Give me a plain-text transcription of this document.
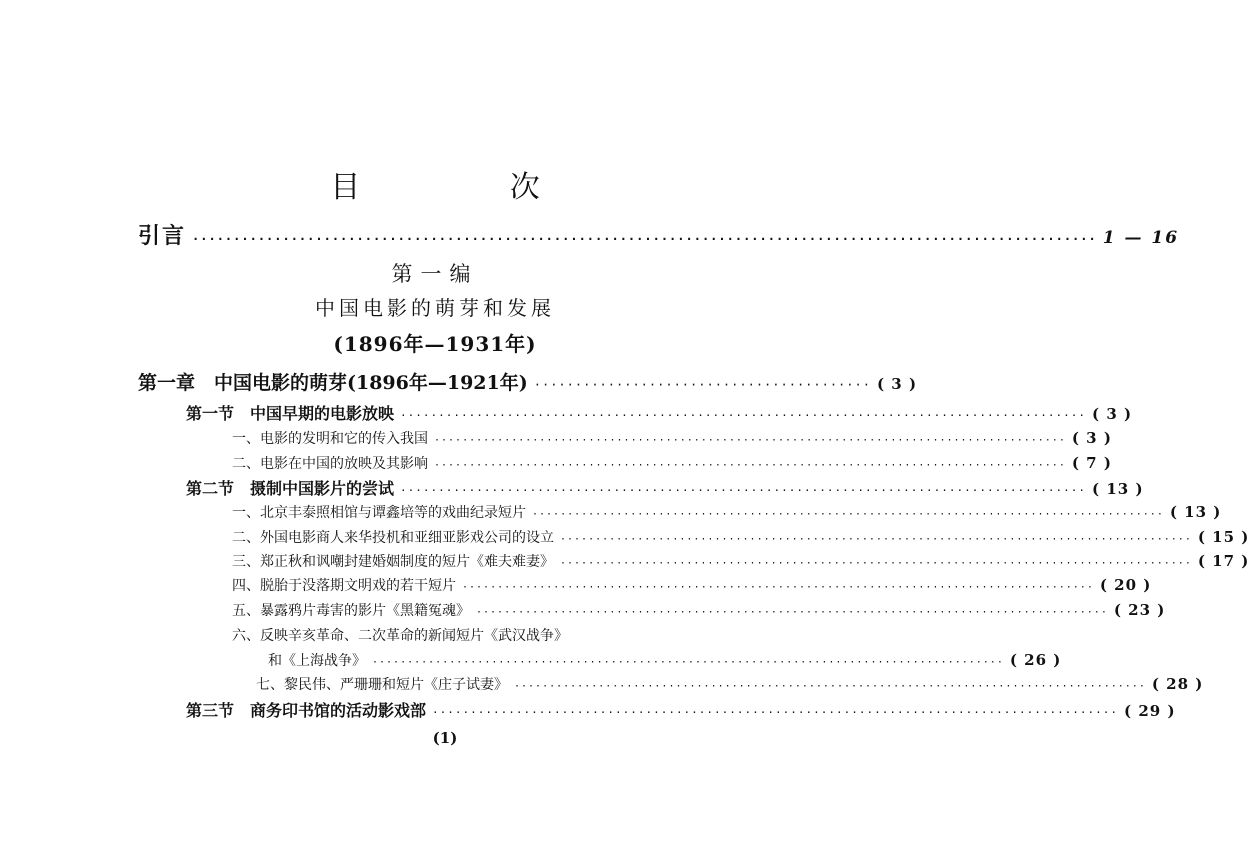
目 次
引言 ·············································································································· 1 — 16
第一编
中国电影的萌芽和发展
(1896年—1931年)
第一章　中国电影的萌芽(1896年—1921年) ········································· ( 3 )
第一节　中国早期的电影放映 ·························································································· ( 3 )
一、电影的发明和它的传入我国 ·························································································· ( 3 )
二、电影在中国的放映及其影响 ·························································································· ( 7 )
第二节　摄制中国影片的尝试 ·························································································· ( 13 )
一、北京丰泰照相馆与谭鑫培等的戏曲纪录短片 ·························································································· ( 13 )
二、外国电影商人来华投机和亚细亚影戏公司的设立 ·························································································· ( 15 )
三、郑正秋和讽嘲封建婚姻制度的短片《难夫难妻》 ·························································································· ( 17 )
四、脱胎于没落期文明戏的若干短片 ·························································································· ( 20 )
五、暴露鸦片毒害的影片《黑籍冤魂》 ·························································································· ( 23 )
六、反映辛亥革命、二次革命的新闻短片《武汉战争》
和《上海战争》 ·························································································· ( 26 )
七、黎民伟、严珊珊和短片《庄子试妻》 ·························································································· ( 28 )
第三节　商务印书馆的活动影戏部 ·························································································· ( 29 )
(1)
